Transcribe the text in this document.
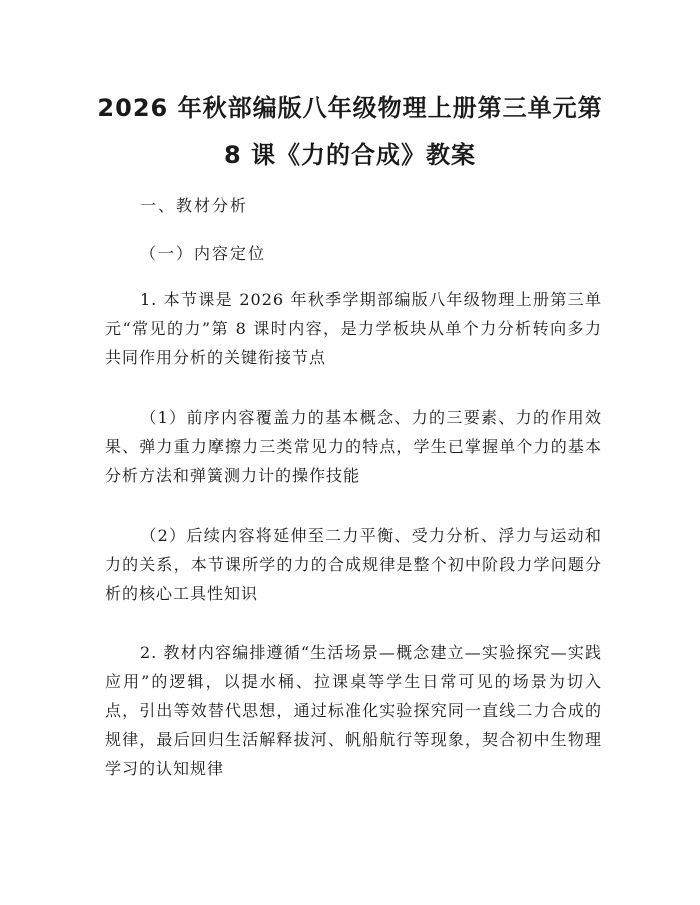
2026 年秋部编版八年级物理上册第三单元第
8 课《力的合成》教案
一、教材分析
（一）内容定位
1. 本节课是 2026 年秋季学期部编版八年级物理上册第三单元“常见的力”第 8 课时内容，是力学板块从单个力分析转向多力共同作用分析的关键衔接节点
（1）前序内容覆盖力的基本概念、力的三要素、力的作用效果、弹力重力摩擦力三类常见力的特点，学生已掌握单个力的基本分析方法和弹簧测力计的操作技能
（2）后续内容将延伸至二力平衡、受力分析、浮力与运动和力的关系，本节课所学的力的合成规律是整个初中阶段力学问题分析的核心工具性知识
2. 教材内容编排遵循“生活场景—概念建立—实验探究—实践应用”的逻辑，以提水桶、拉课桌等学生日常可见的场景为切入点，引出等效替代思想，通过标准化实验探究同一直线二力合成的规律，最后回归生活解释拔河、帆船航行等现象，契合初中生物理学习的认知规律
